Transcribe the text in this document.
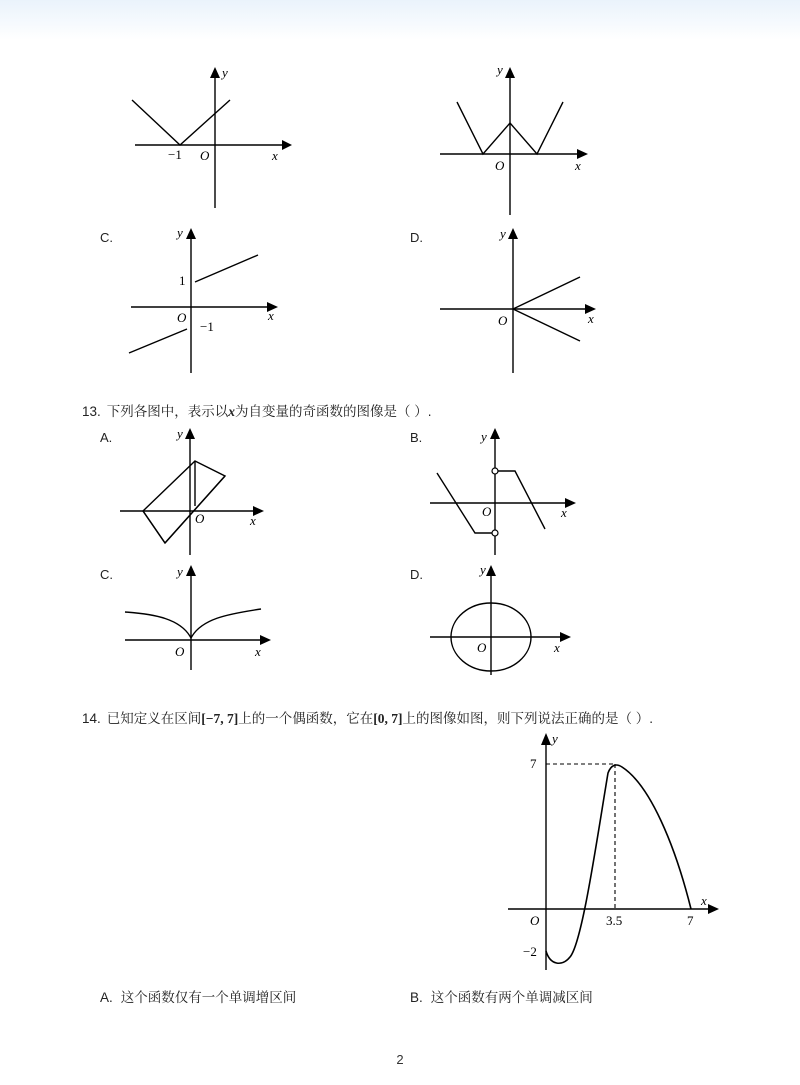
y
x
O
−1
y
x
O
C.	y
x
O
1
−1
D.	y
x
O
13. 下列各图中，表示以x为自变量的奇函数的图像是（ ）.
A.	y
x
O
B.	y
x
O
C.	y
x
O
D.	y
x
O
14. 已知定义在区间[−7, 7]上的一个偶函数，它在[0, 7]上的图像如图，则下列说法正确的是（ ）.
y
x
O
7
−2
3.5	7
A. 这个函数仅有一个单调增区间	B. 这个函数有两个单调减区间
2
